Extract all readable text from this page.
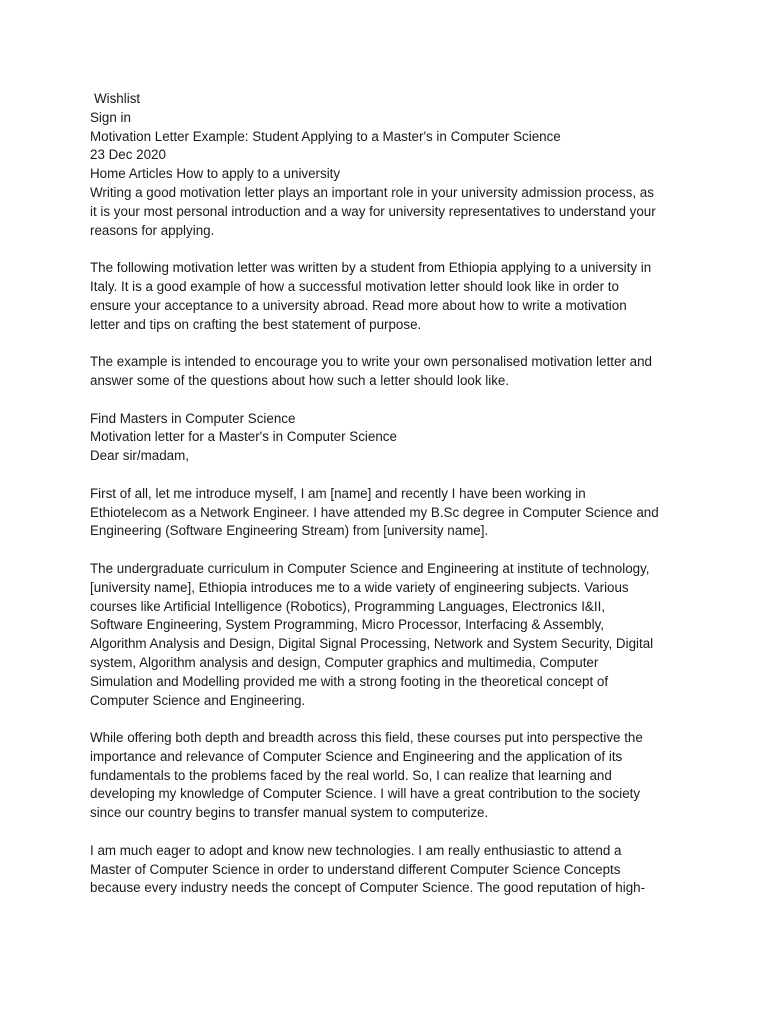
Wishlist
Sign in
Motivation Letter Example: Student Applying to a Master's in Computer Science
23 Dec 2020
Home Articles How to apply to a university
Writing a good motivation letter plays an important role in your university admission process, as
it is your most personal introduction and a way for university representatives to understand your
reasons for applying.
The following motivation letter was written by a student from Ethiopia applying to a university in
Italy. It is a good example of how a successful motivation letter should look like in order to
ensure your acceptance to a university abroad. Read more about how to write a motivation
letter and tips on crafting the best statement of purpose.
The example is intended to encourage you to write your own personalised motivation letter and
answer some of the questions about how such a letter should look like.
Find Masters in Computer Science
Motivation letter for a Master's in Computer Science
Dear sir/madam,
First of all, let me introduce myself, I am [name] and recently I have been working in
Ethiotelecom as a Network Engineer. I have attended my B.Sc degree in Computer Science and
Engineering (Software Engineering Stream) from [university name].
The undergraduate curriculum in Computer Science and Engineering at institute of technology,
[university name], Ethiopia introduces me to a wide variety of engineering subjects. Various
courses like Artificial Intelligence (Robotics), Programming Languages, Electronics I&II,
Software Engineering, System Programming, Micro Processor, Interfacing & Assembly,
Algorithm Analysis and Design, Digital Signal Processing, Network and System Security, Digital
system, Algorithm analysis and design, Computer graphics and multimedia, Computer
Simulation and Modelling provided me with a strong footing in the theoretical concept of
Computer Science and Engineering.
While offering both depth and breadth across this field, these courses put into perspective the
importance and relevance of Computer Science and Engineering and the application of its
fundamentals to the problems faced by the real world. So, I can realize that learning and
developing my knowledge of Computer Science. I will have a great contribution to the society
since our country begins to transfer manual system to computerize.
I am much eager to adopt and know new technologies. I am really enthusiastic to attend a
Master of Computer Science in order to understand different Computer Science Concepts
because every industry needs the concept of Computer Science. The good reputation of high-
